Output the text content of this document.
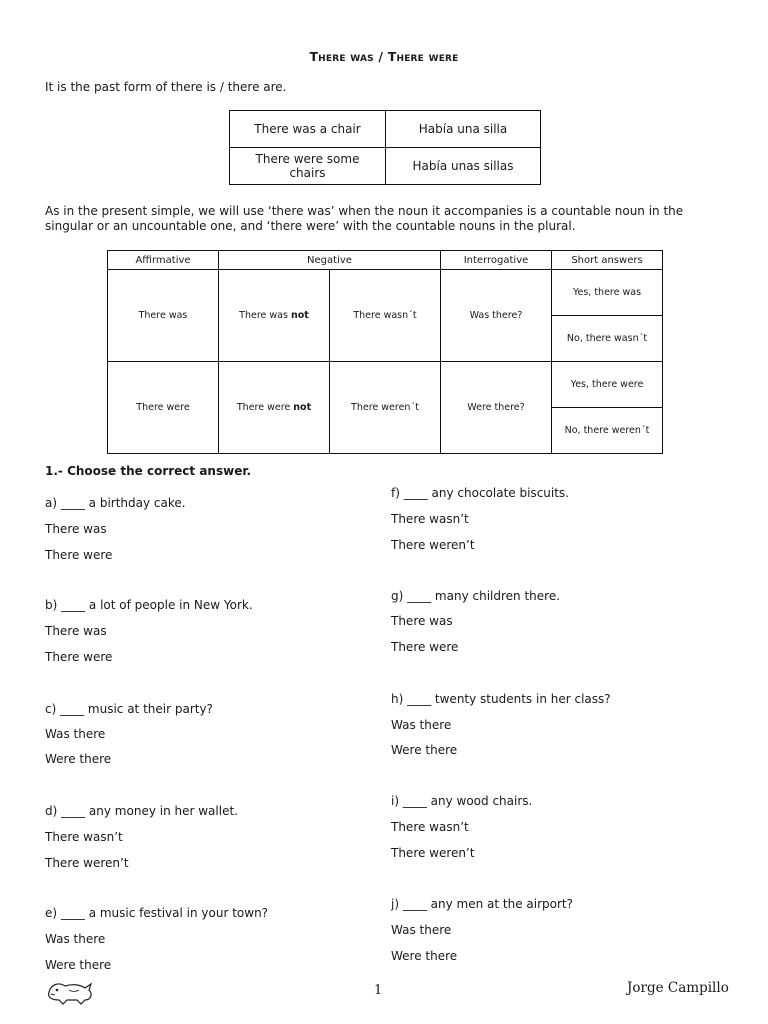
There was / There were
It is the past form of there is / there are.
There was a chair	Había una silla
There were some chairs	Había unas sillas
As in the present simple, we will use ‘there was’ when the noun it accompanies is a countable noun in the singular or an uncountable one, and ‘there were’ with the countable nouns in the plural.
Affirmative	Negative		Interrogative	Short answers
There was	There was not	There wasn´t	Was there?	Yes, there was
				No, there wasn´t
There were	There were not	There weren´t	Were there?	Yes, there were
				No, there weren´t
1.- Choose the correct answer.
a) ____ a birthday cake.
There was
There were
b) ____ a lot of people in New York.
There was
There were
c) ____ music at their party?
Was there
Were there
d) ____ any money in her wallet.
There wasn’t
There weren’t
e) ____ a music festival in your town?
Was there
Were there
f) ____ any chocolate biscuits.
There wasn’t
There weren’t
g) ____ many children there.
There was
There were
h) ____ twenty students in her class?
Was there
Were there
i) ____ any wood chairs.
There wasn’t
There weren’t
j) ____ any men at the airport?
Was there
Were there
1	Jorge Campillo
